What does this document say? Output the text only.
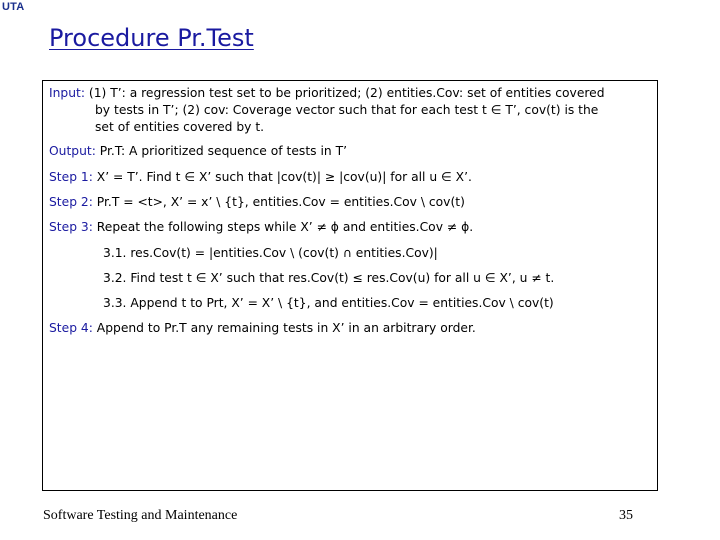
UTA
Procedure Pr.Test
Input: (1) T’: a regression test set to be prioritized; (2) entities.Cov: set of entities covered
by tests in T’; (2) cov: Coverage vector such that for each test t ∈ T’, cov(t) is the
set of entities covered by t.
Output: Pr.T: A prioritized sequence of tests in T’
Step 1: X’ = T’. Find t ∈ X’ such that |cov(t)| ≥ |cov(u)| for all u ∈ X’.
Step 2: Pr.T = <t>, X’ = x’ \ {t}, entities.Cov = entities.Cov \ cov(t)
Step 3: Repeat the following steps while X’ ≠ ϕ and entities.Cov ≠ ϕ.
3.1. res.Cov(t) = |entities.Cov \ (cov(t) ∩ entities.Cov)|
3.2. Find test t ∈ X’ such that res.Cov(t) ≤ res.Cov(u) for all u ∈ X’, u ≠ t.
3.3. Append t to Prt, X’ = X’ \ {t}, and entities.Cov = entities.Cov \ cov(t)
Step 4: Append to Pr.T any remaining tests in X’ in an arbitrary order.
Software Testing and Maintenance	35
